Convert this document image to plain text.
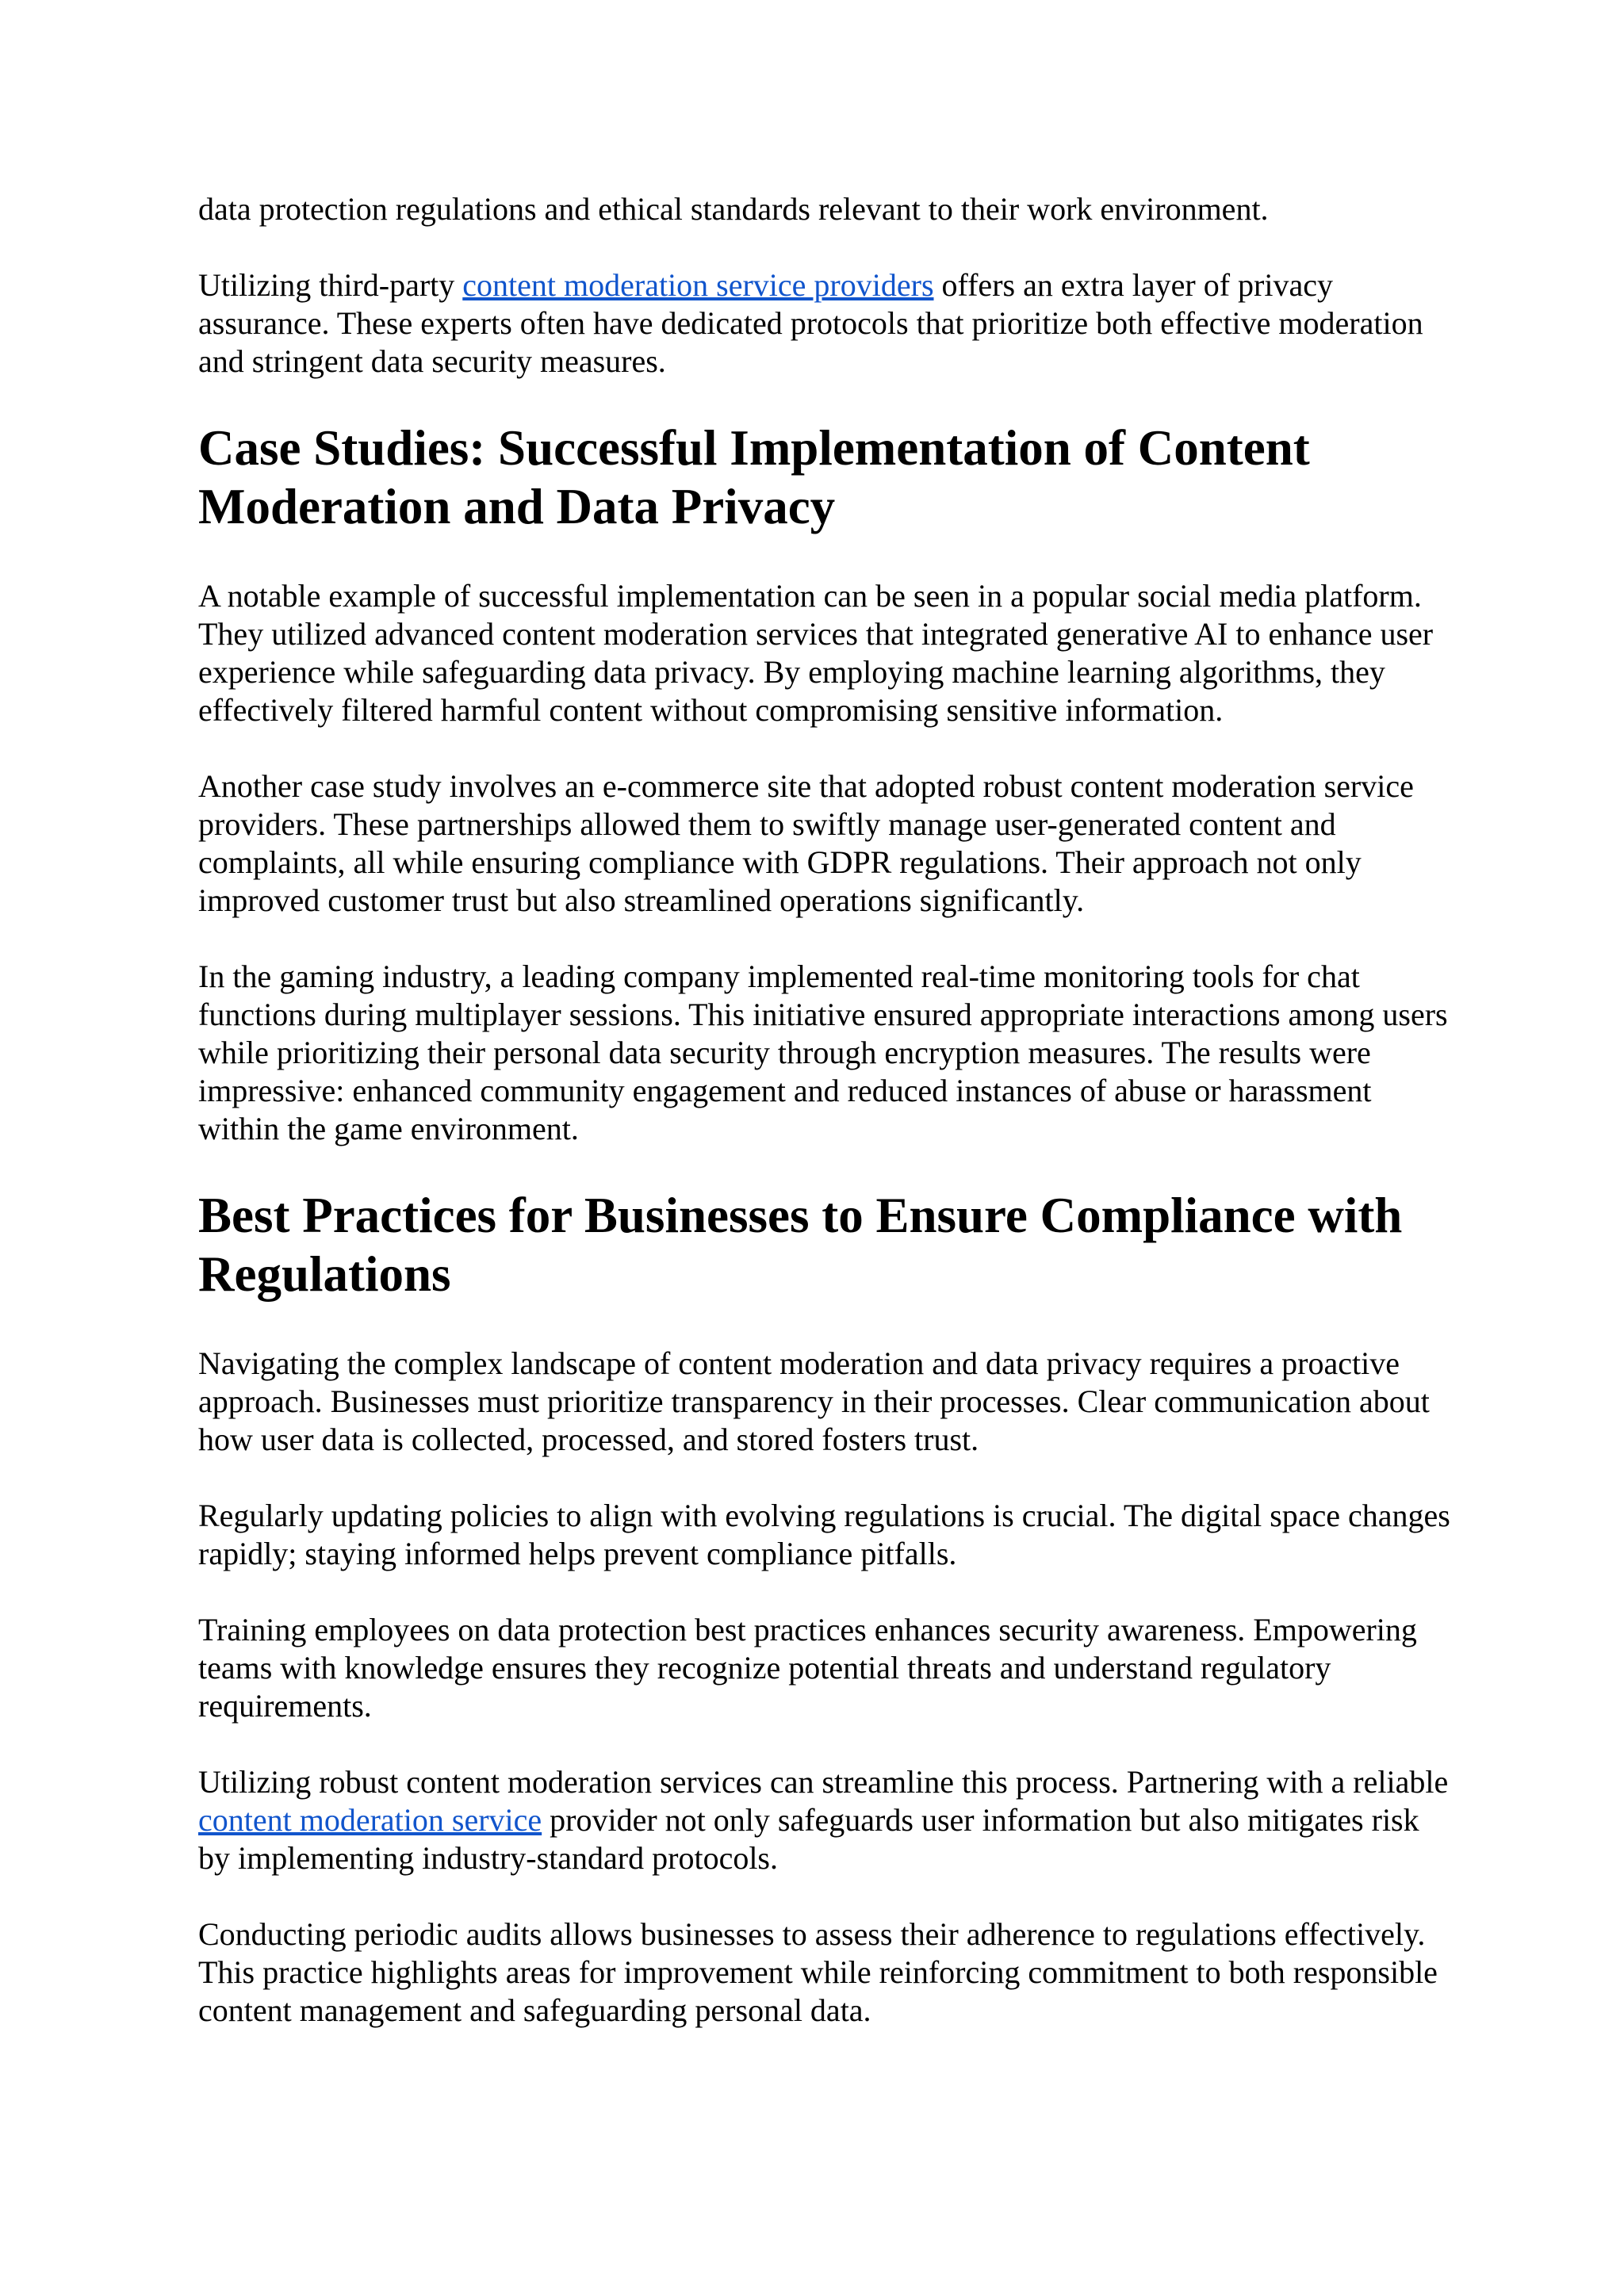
data protection regulations and ethical standards relevant to their work environment.

Utilizing third-party content moderation service providers offers an extra layer of privacy assurance. These experts often have dedicated protocols that prioritize both effective moderation and stringent data security measures.

Case Studies: Successful Implementation of Content Moderation and Data Privacy

A notable example of successful implementation can be seen in a popular social media platform. They utilized advanced content moderation services that integrated generative AI to enhance user experience while safeguarding data privacy. By employing machine learning algorithms, they effectively filtered harmful content without compromising sensitive information.

Another case study involves an e-commerce site that adopted robust content moderation service providers. These partnerships allowed them to swiftly manage user-generated content and complaints, all while ensuring compliance with GDPR regulations. Their approach not only improved customer trust but also streamlined operations significantly.

In the gaming industry, a leading company implemented real-time monitoring tools for chat functions during multiplayer sessions. This initiative ensured appropriate interactions among users while prioritizing their personal data security through encryption measures. The results were impressive: enhanced community engagement and reduced instances of abuse or harassment within the game environment.

Best Practices for Businesses to Ensure Compliance with Regulations

Navigating the complex landscape of content moderation and data privacy requires a proactive approach. Businesses must prioritize transparency in their processes. Clear communication about how user data is collected, processed, and stored fosters trust.

Regularly updating policies to align with evolving regulations is crucial. The digital space changes rapidly; staying informed helps prevent compliance pitfalls.

Training employees on data protection best practices enhances security awareness. Empowering teams with knowledge ensures they recognize potential threats and understand regulatory requirements.

Utilizing robust content moderation services can streamline this process. Partnering with a reliable content moderation service provider not only safeguards user information but also mitigates risk by implementing industry-standard protocols.

Conducting periodic audits allows businesses to assess their adherence to regulations effectively. This practice highlights areas for improvement while reinforcing commitment to both responsible content management and safeguarding personal data.
